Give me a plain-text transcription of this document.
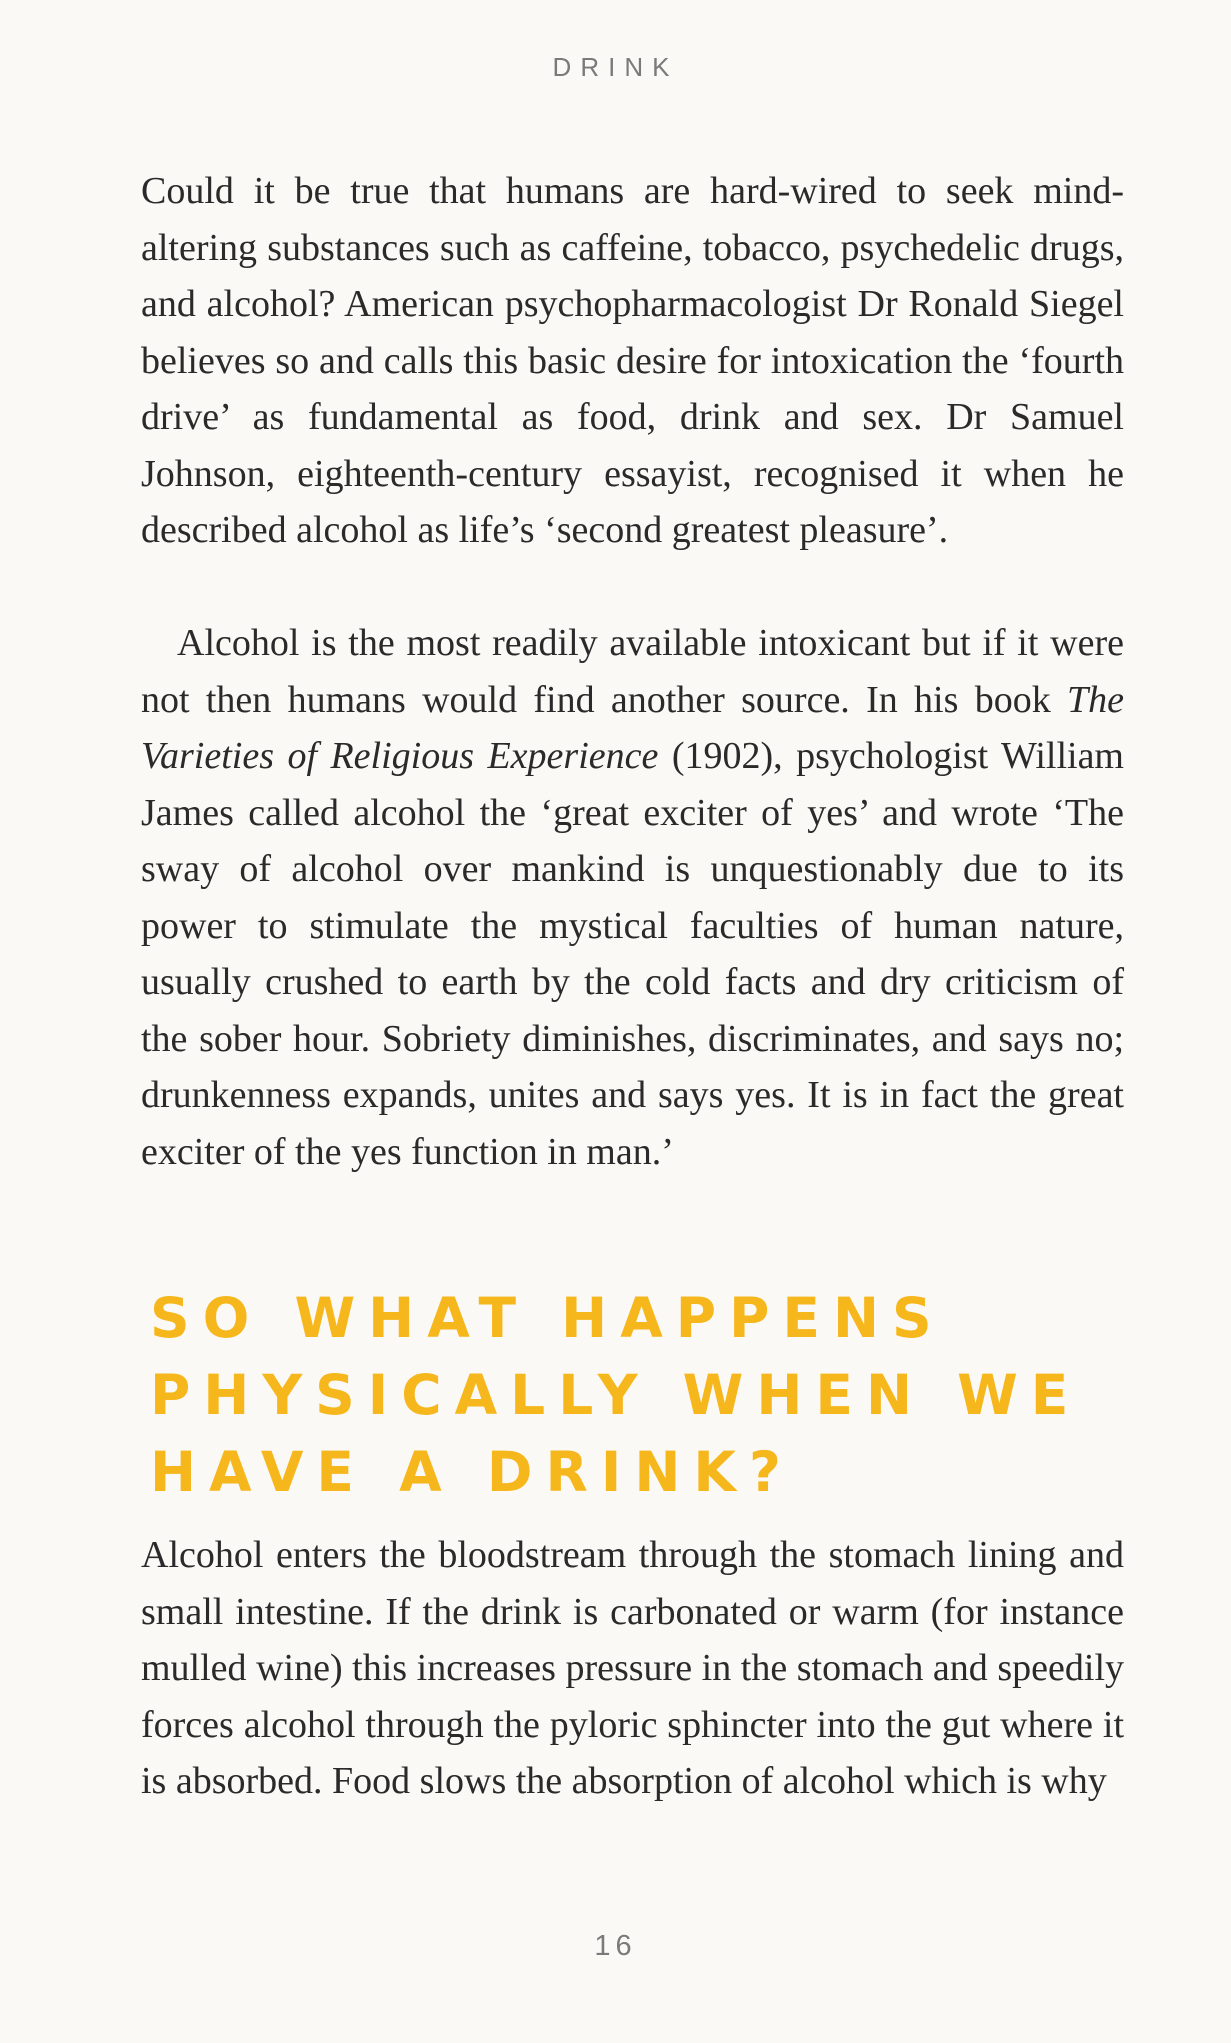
DRINK

Could it be true that humans are hard-wired to seek mind-altering substances such as caffeine, tobacco, psychedelic drugs, and alcohol? American psychopharmacologist Dr Ronald Siegel believes so and calls this basic desire for intoxication the ‘fourth drive’ as fundamental as food, drink and sex. Dr Samuel Johnson, eighteenth-century essayist, recognised it when he described alcohol as life’s ‘second greatest pleasure’.

Alcohol is the most readily available intoxicant but if it were not then humans would find another source. In his book The Varieties of Religious Experience (1902), psychologist William James called alcohol the ‘great exciter of yes’ and wrote ‘The sway of alcohol over mankind is unquestionably due to its power to stimulate the mystical faculties of human nature, usually crushed to earth by the cold facts and dry criticism of the sober hour. Sobriety diminishes, discriminates, and says no; drunkenness expands, unites and says yes. It is in fact the great exciter of the yes function in man.’

SO WHAT HAPPENS
PHYSICALLY WHEN WE
HAVE A DRINK?

Alcohol enters the bloodstream through the stomach lining and small intestine. If the drink is carbonated or warm (for instance mulled wine) this increases pressure in the stomach and speedily forces alcohol through the pyloric sphincter into the gut where it is absorbed. Food slows the absorption of alcohol which is why

16
